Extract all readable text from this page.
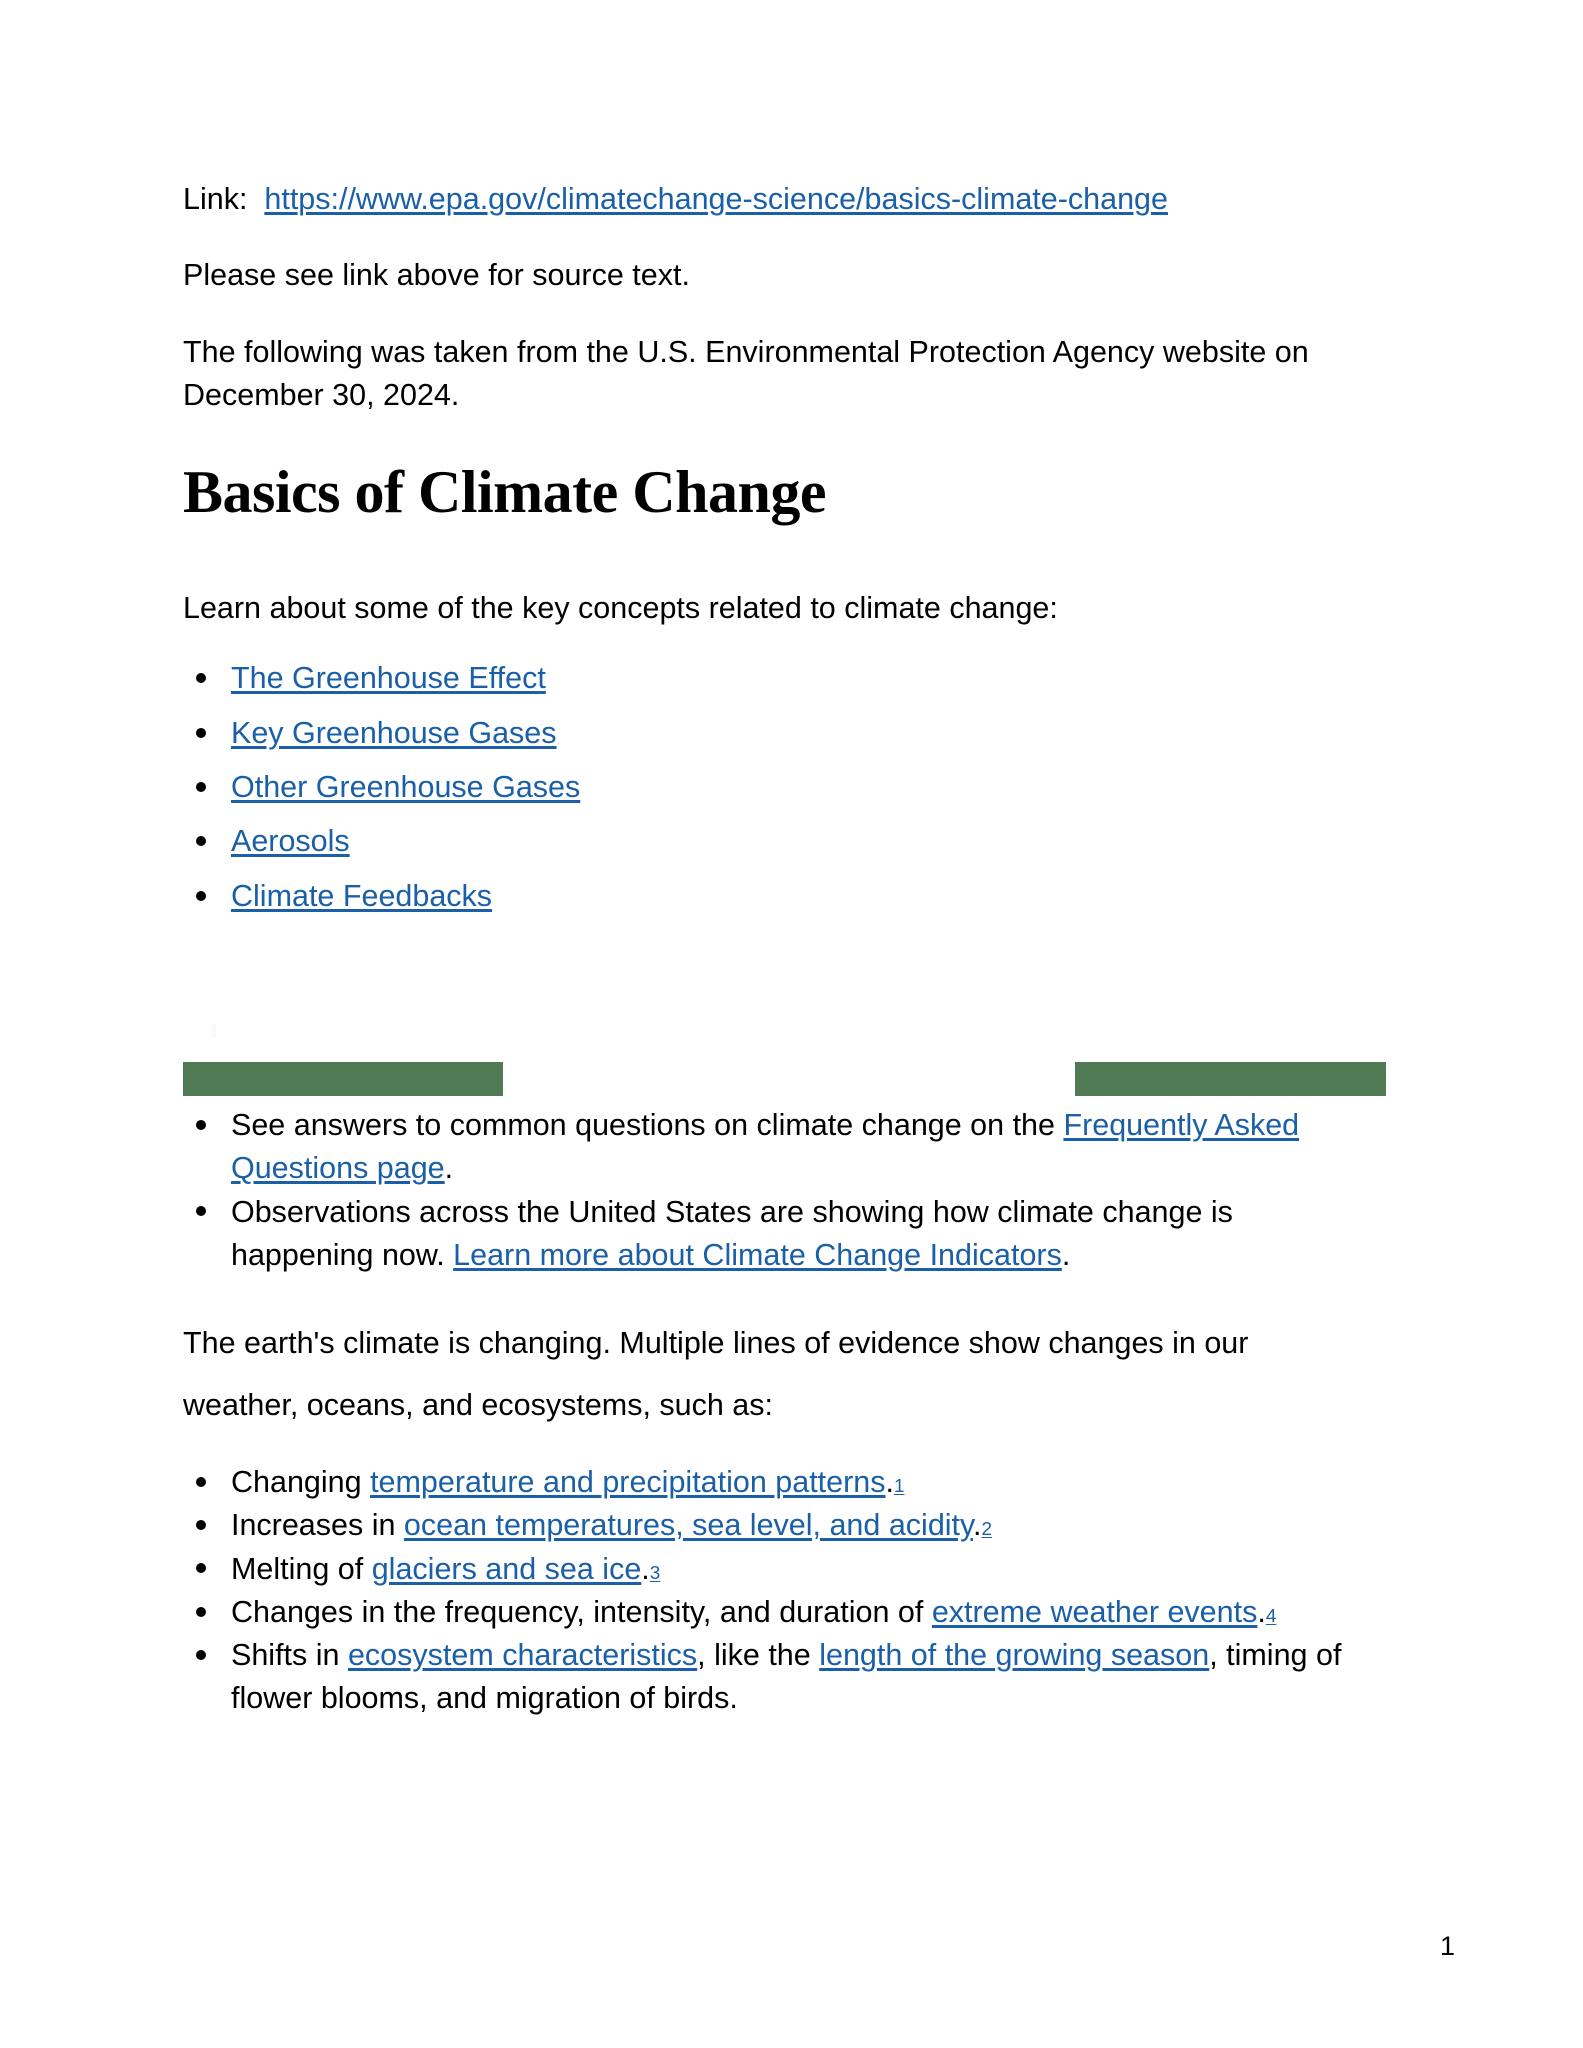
Link: https://www.epa.gov/climatechange-science/basics-climate-change
Please see link above for source text.
The following was taken from the U.S. Environmental Protection Agency website on December 30, 2024.
Basics of Climate Change
Learn about some of the key concepts related to climate change:
The Greenhouse Effect
Key Greenhouse Gases
Other Greenhouse Gases
Aerosols
Climate Feedbacks
See answers to common questions on climate change on the Frequently Asked Questions page.
Observations across the United States are showing how climate change is happening now. Learn more about Climate Change Indicators.
The earth's climate is changing. Multiple lines of evidence show changes in our weather, oceans, and ecosystems, such as:
Changing temperature and precipitation patterns.1
Increases in ocean temperatures, sea level, and acidity.2
Melting of glaciers and sea ice.3
Changes in the frequency, intensity, and duration of extreme weather events.4
Shifts in ecosystem characteristics, like the length of the growing season, timing of flower blooms, and migration of birds.
1
